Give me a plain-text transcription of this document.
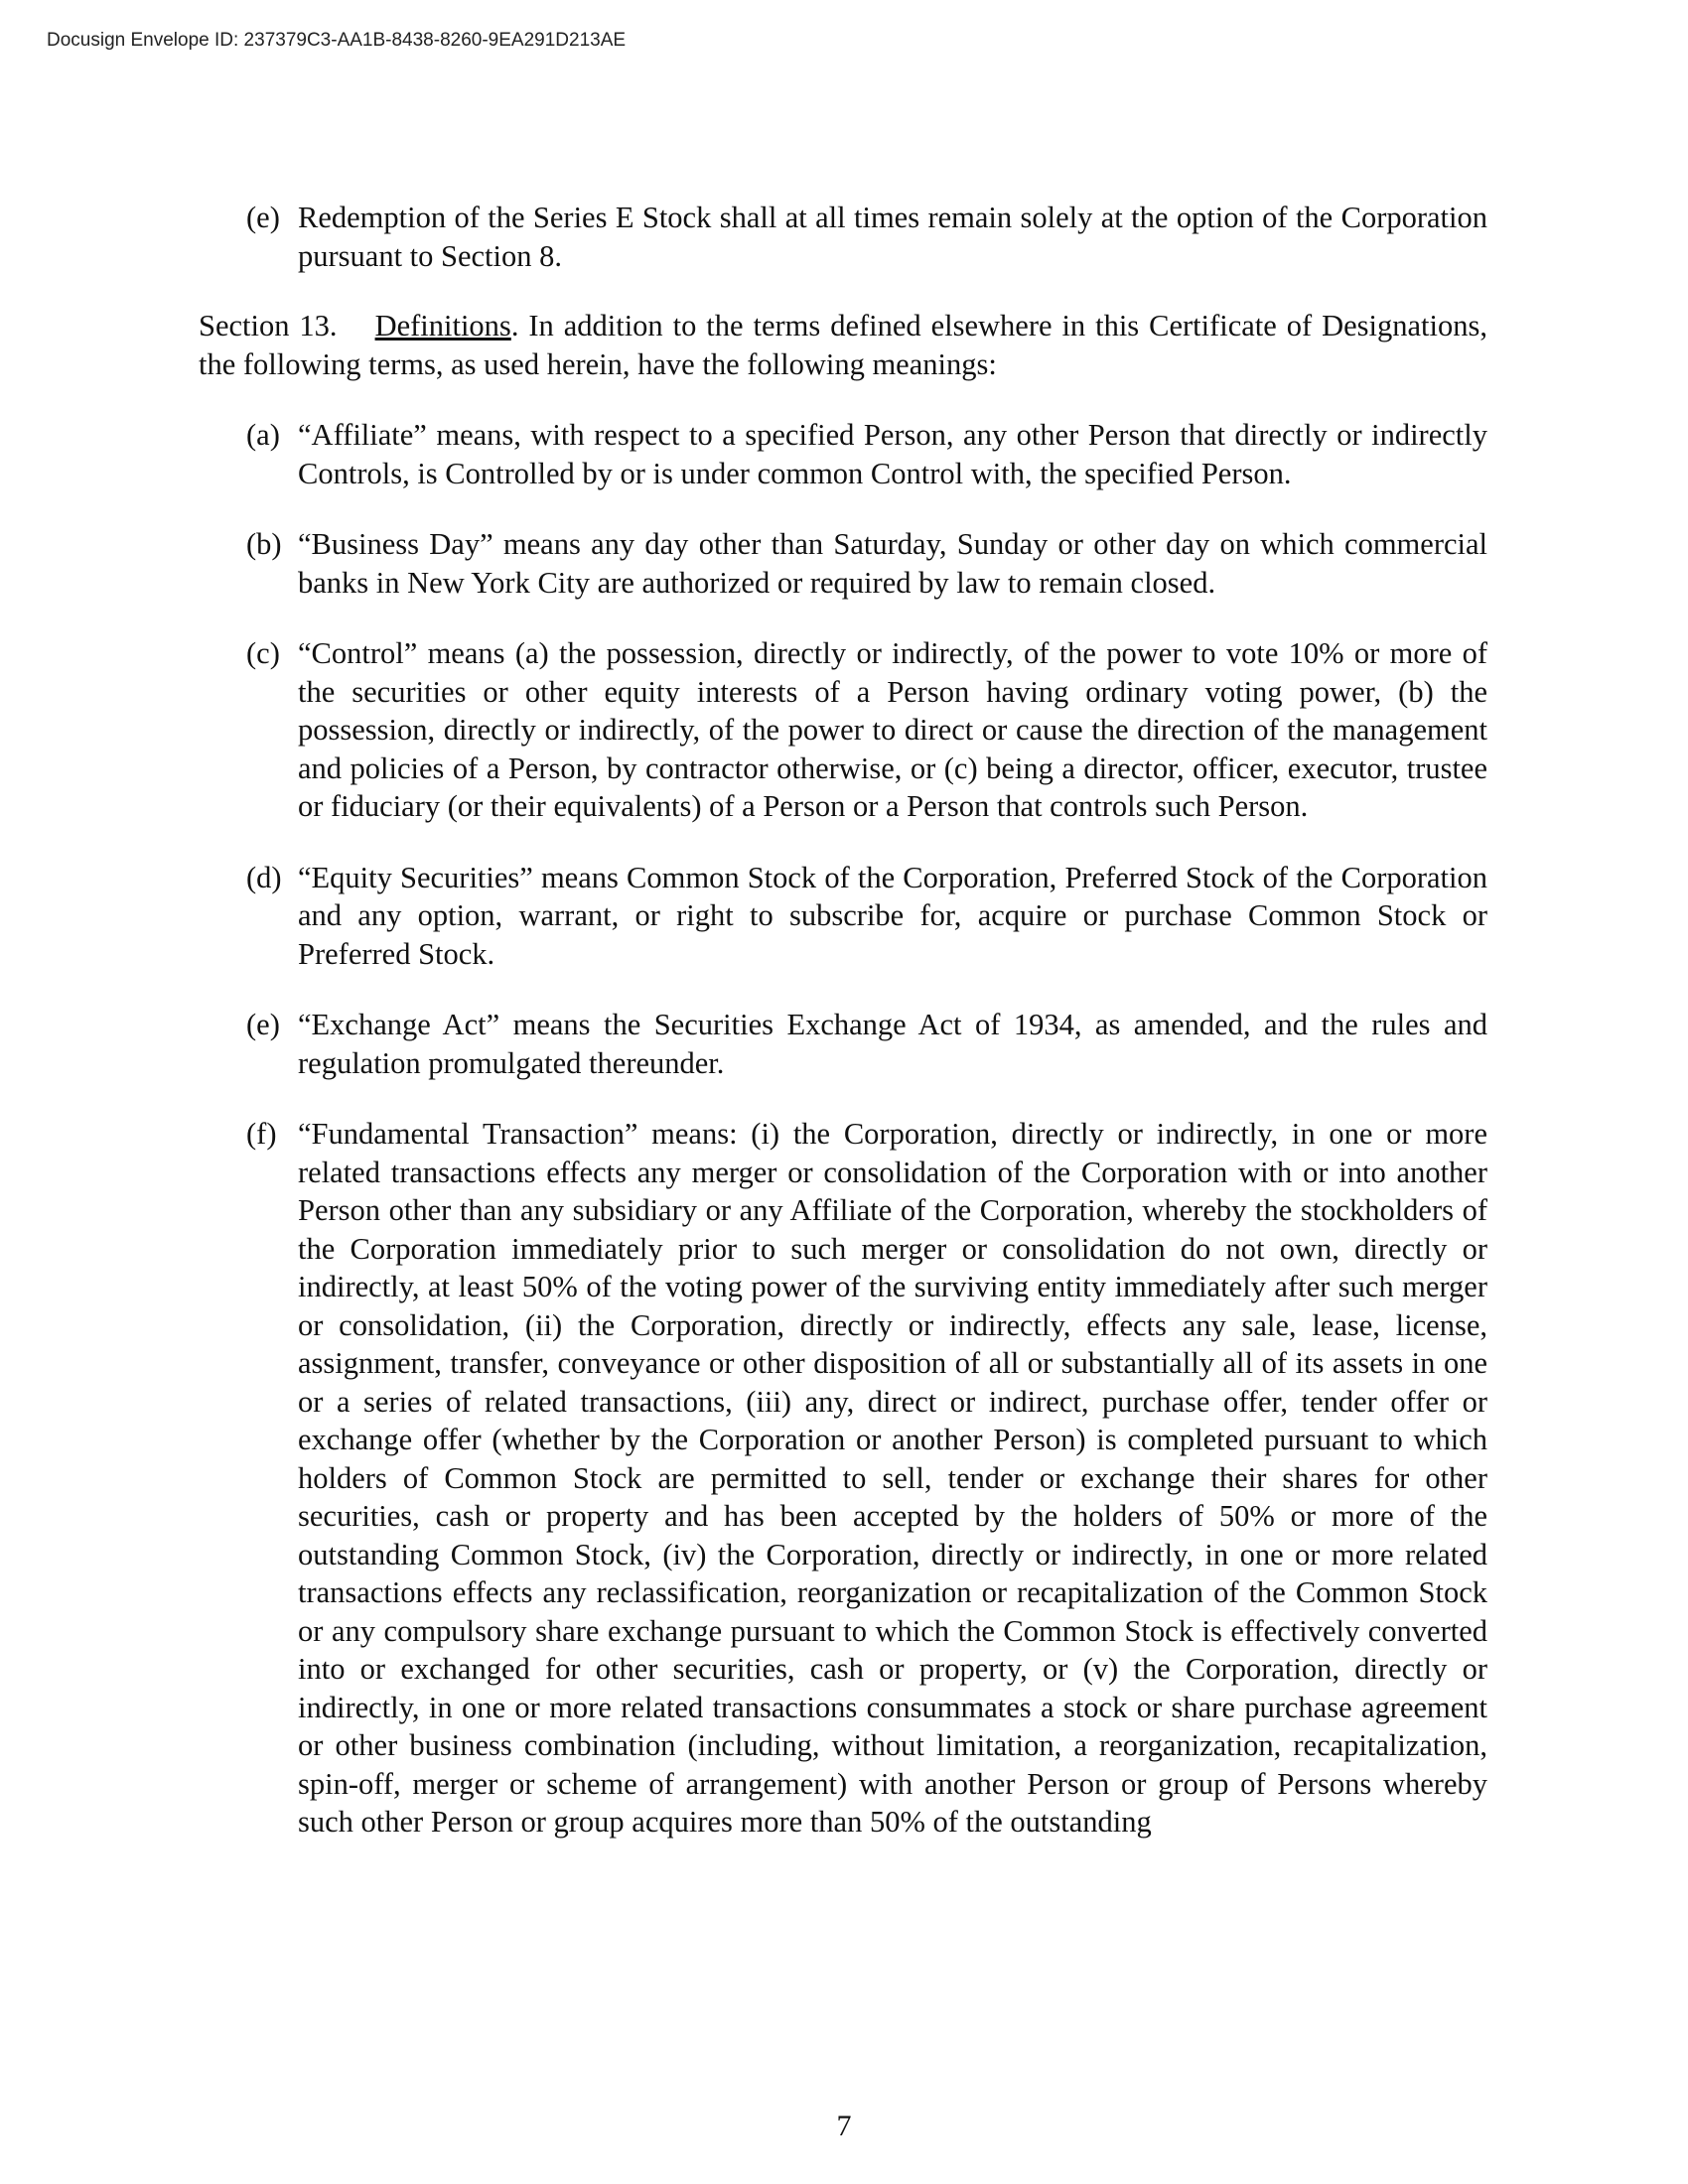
Docusign Envelope ID: 237379C3-AA1B-8438-8260-9EA291D213AE
(e) Redemption of the Series E Stock shall at all times remain solely at the option of the Corporation pursuant to Section 8.

Section 13. Definitions. In addition to the terms defined elsewhere in this Certificate of Designations, the following terms, as used herein, have the following meanings:

(a) “Affiliate” means, with respect to a specified Person, any other Person that directly or indirectly Controls, is Controlled by or is under common Control with, the specified Person.
(b) “Business Day” means any day other than Saturday, Sunday or other day on which commercial banks in New York City are authorized or required by law to remain closed.
(c) “Control” means (a) the possession, directly or indirectly, of the power to vote 10% or more of the securities or other equity interests of a Person having ordinary voting power, (b) the possession, directly or indirectly, of the power to direct or cause the direction of the management and policies of a Person, by contractor otherwise, or (c) being a director, officer, executor, trustee or fiduciary (or their equivalents) of a Person or a Person that controls such Person.
(d) “Equity Securities” means Common Stock of the Corporation, Preferred Stock of the Corporation and any option, warrant, or right to subscribe for, acquire or purchase Common Stock or Preferred Stock.
(e) “Exchange Act” means the Securities Exchange Act of 1934, as amended, and the rules and regulation promulgated thereunder.
(f) “Fundamental Transaction” means: (i) the Corporation, directly or indirectly, in one or more related transactions effects any merger or consolidation of the Corporation with or into another Person other than any subsidiary or any Affiliate of the Corporation, whereby the stockholders of the Corporation immediately prior to such merger or consolidation do not own, directly or indirectly, at least 50% of the voting power of the surviving entity immediately after such merger or consolidation, (ii) the Corporation, directly or indirectly, effects any sale, lease, license, assignment, transfer, conveyance or other disposition of all or substantially all of its assets in one or a series of related transactions, (iii) any, direct or indirect, purchase offer, tender offer or exchange offer (whether by the Corporation or another Person) is completed pursuant to which holders of Common Stock are permitted to sell, tender or exchange their shares for other securities, cash or property and has been accepted by the holders of 50% or more of the outstanding Common Stock, (iv) the Corporation, directly or indirectly, in one or more related transactions effects any reclassification, reorganization or recapitalization of the Common Stock or any compulsory share exchange pursuant to which the Common Stock is effectively converted into or exchanged for other securities, cash or property, or (v) the Corporation, directly or indirectly, in one or more related transactions consummates a stock or share purchase agreement or other business combination (including, without limitation, a reorganization, recapitalization, spin-off, merger or scheme of arrangement) with another Person or group of Persons whereby such other Person or group acquires more than 50% of the outstanding
7
